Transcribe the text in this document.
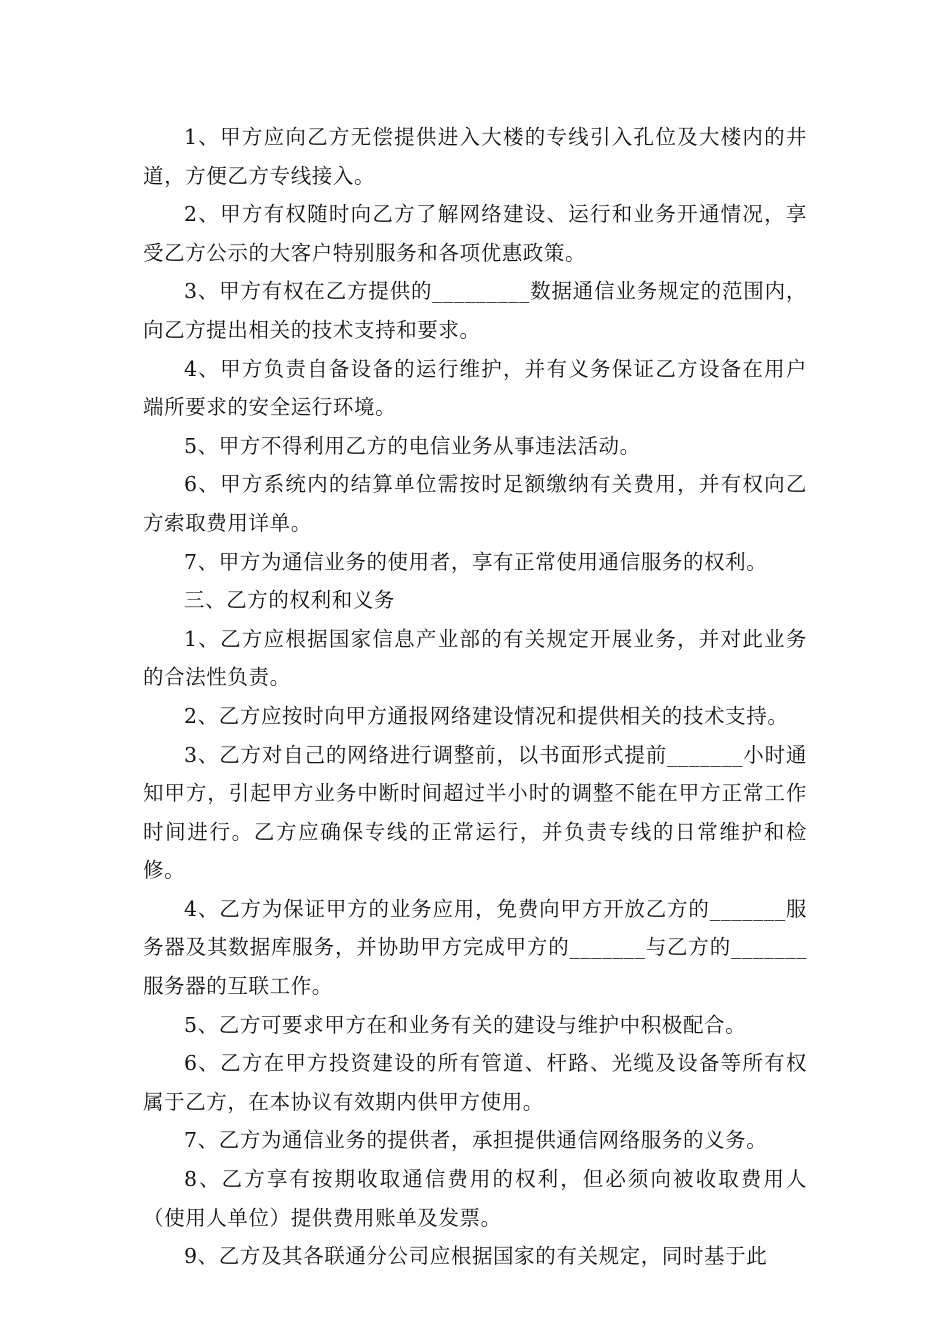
1、甲方应向乙方无偿提供进入大楼的专线引入孔位及大楼内的井道，方便乙方专线接入。

2、甲方有权随时向乙方了解网络建设、运行和业务开通情况，享受乙方公示的大客户特别服务和各项优惠政策。

3、甲方有权在乙方提供的_________数据通信业务规定的范围内，向乙方提出相关的技术支持和要求。

4、甲方负责自备设备的运行维护，并有义务保证乙方设备在用户端所要求的安全运行环境。

5、甲方不得利用乙方的电信业务从事违法活动。

6、甲方系统内的结算单位需按时足额缴纳有关费用，并有权向乙方索取费用详单。

7、甲方为通信业务的使用者，享有正常使用通信服务的权利。

三、乙方的权利和义务

1、乙方应根据国家信息产业部的有关规定开展业务，并对此业务的合法性负责。

2、乙方应按时向甲方通报网络建设情况和提供相关的技术支持。

3、乙方对自己的网络进行调整前，以书面形式提前_______小时通知甲方，引起甲方业务中断时间超过半小时的调整不能在甲方正常工作时间进行。乙方应确保专线的正常运行，并负责专线的日常维护和检修。

4、乙方为保证甲方的业务应用，免费向甲方开放乙方的_______服务器及其数据库服务，并协助甲方完成甲方的_______与乙方的_______服务器的互联工作。

5、乙方可要求甲方在和业务有关的建设与维护中积极配合。

6、乙方在甲方投资建设的所有管道、杆路、光缆及设备等所有权属于乙方，在本协议有效期内供甲方使用。

7、乙方为通信业务的提供者，承担提供通信网络服务的义务。

8、乙方享有按期收取通信费用的权利，但必须向被收取费用人（使用人单位）提供费用账单及发票。

9、乙方及其各联通分公司应根据国家的有关规定，同时基于此
